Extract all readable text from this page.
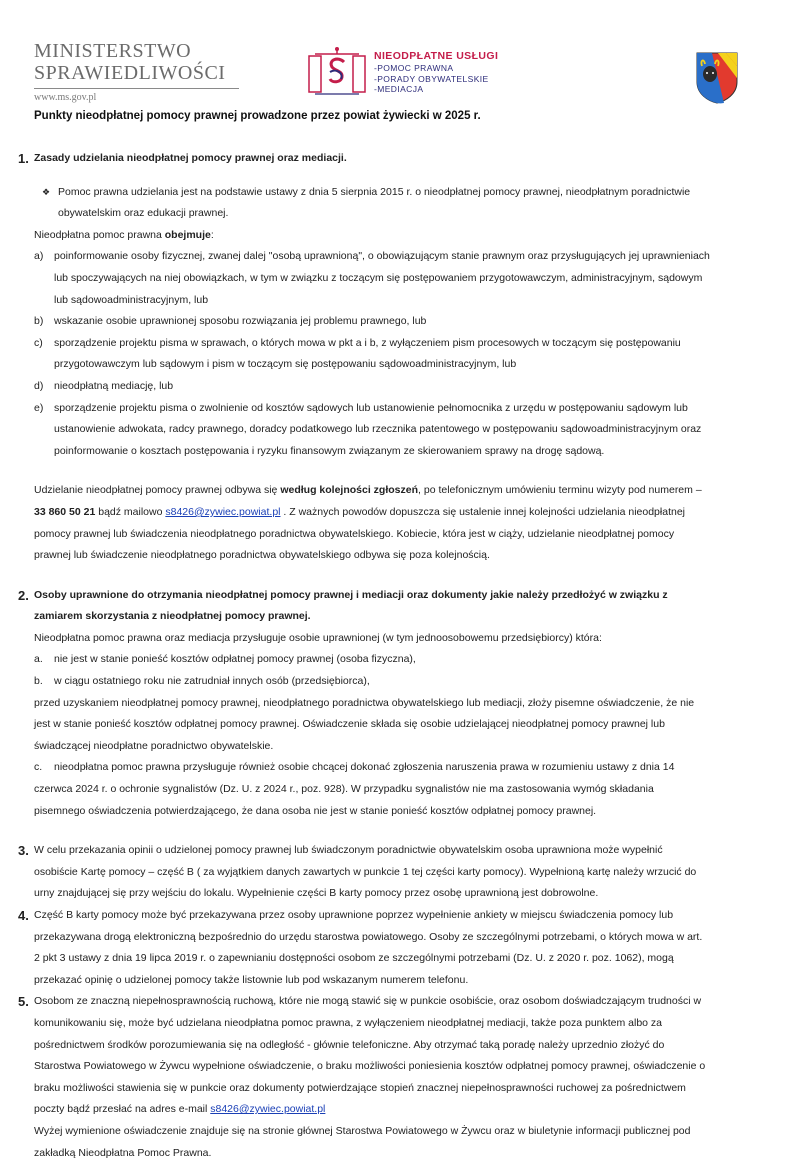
MINISTERSTWO
SPRAWIEDLIWOŚCI
www.ms.gov.pl
NIEODPŁATNE USŁUGI
-POMOC PRAWNA
-PORADY OBYWATELSKIE
-MEDIACJA
Punkty nieodpłatnej pomocy prawnej prowadzone przez powiat żywiecki w 2025 r.
1. Zasady udzielania nieodpłatnej pomocy prawnej oraz mediacji.
❖ Pomoc prawna udzielania jest na podstawie ustawy z dnia 5 sierpnia 2015 r. o nieodpłatnej pomocy prawnej, nieodpłatnym poradnictwie
obywatelskim oraz edukacji prawnej.
Nieodpłatna pomoc prawna obejmuje:
a)	poinformowanie osoby fizycznej, zwanej dalej "osobą uprawnioną", o obowiązującym stanie prawnym oraz przysługujących jej uprawnieniach
lub spoczywających na niej obowiązkach, w tym w związku z toczącym się postępowaniem przygotowawczym, administracyjnym, sądowym
lub sądowoadministracyjnym, lub
b)	wskazanie osobie uprawnionej sposobu rozwiązania jej problemu prawnego, lub
c)	sporządzenie projektu pisma w sprawach, o których mowa w pkt a i b, z wyłączeniem pism procesowych w toczącym się postępowaniu
przygotowawczym lub sądowym i pism w toczącym się postępowaniu sądowoadministracyjnym, lub
d)	nieodpłatną mediację, lub
e)	sporządzenie projektu pisma o zwolnienie od kosztów sądowych lub ustanowienie pełnomocnika z urzędu w postępowaniu sądowym lub
ustanowienie adwokata, radcy prawnego, doradcy podatkowego lub rzecznika patentowego w postępowaniu sądowoadministracyjnym oraz
poinformowanie o kosztach postępowania i ryzyku finansowym związanym ze skierowaniem sprawy na drogę sądową.
Udzielanie nieodpłatnej pomocy prawnej odbywa się według kolejności zgłoszeń, po telefonicznym umówieniu terminu wizyty pod numerem –
33 860 50 21 bądź mailowo s8426@zywiec.powiat.pl . Z ważnych powodów dopuszcza się ustalenie innej kolejności udzielania nieodpłatnej
pomocy prawnej lub świadczenia nieodpłatnego poradnictwa obywatelskiego. Kobiecie, która jest w ciąży, udzielanie nieodpłatnej pomocy
prawnej lub świadczenie nieodpłatnego poradnictwa obywatelskiego odbywa się poza kolejnością.
2. Osoby uprawnione do otrzymania nieodpłatnej pomocy prawnej i mediacji oraz dokumenty jakie należy przedłożyć w związku z
zamiarem skorzystania z nieodpłatnej pomocy prawnej.
Nieodpłatna pomoc prawna oraz mediacja przysługuje osobie uprawnionej (w tym jednoosobowemu przedsiębiorcy) która:
a.	nie jest w stanie ponieść kosztów odpłatnej pomocy prawnej (osoba fizyczna),
b.	w ciągu ostatniego roku nie zatrudniał innych osób (przedsiębiorca),
przed uzyskaniem nieodpłatnej pomocy prawnej, nieodpłatnego poradnictwa obywatelskiego lub mediacji, złoży pisemne oświadczenie, że nie
jest w stanie ponieść kosztów odpłatnej pomocy prawnej. Oświadczenie składa się osobie udzielającej nieodpłatnej pomocy prawnej lub
świadczącej nieodpłatne poradnictwo obywatelskie.
c.	nieodpłatna pomoc prawna przysługuje również osobie chcącej dokonać zgłoszenia naruszenia prawa w rozumieniu ustawy z dnia 14
czerwca 2024 r. o ochronie sygnalistów (Dz. U. z 2024 r., poz. 928). W przypadku sygnalistów nie ma zastosowania wymóg składania
pisemnego oświadczenia potwierdzającego, że dana osoba nie jest w stanie ponieść kosztów odpłatnej pomocy prawnej.
3. W celu przekazania opinii o udzielonej pomocy prawnej lub świadczonym poradnictwie obywatelskim osoba uprawniona może wypełnić
osobiście Kartę pomocy – część B ( za wyjątkiem danych zawartych w punkcie 1 tej części karty pomocy). Wypełnioną kartę należy wrzucić do
urny znajdującej się przy wejściu do lokalu. Wypełnienie części B karty pomocy przez osobę uprawnioną jest dobrowolne.
4. Część B karty pomocy może być przekazywana przez osoby uprawnione poprzez wypełnienie ankiety w miejscu świadczenia pomocy lub
przekazywana drogą elektroniczną bezpośrednio do urzędu starostwa powiatowego. Osoby ze szczególnymi potrzebami, o których mowa w art.
2 pkt 3 ustawy z dnia 19 lipca 2019 r. o zapewnianiu dostępności osobom ze szczególnymi potrzebami (Dz. U. z 2020 r. poz. 1062), mogą
przekazać opinię o udzielonej pomocy także listownie lub pod wskazanym numerem telefonu.
5. Osobom ze znaczną niepełnosprawnością ruchową, które nie mogą stawić się w punkcie osobiście, oraz osobom doświadczającym trudności w
komunikowaniu się, może być udzielana nieodpłatna pomoc prawna, z wyłączeniem nieodpłatnej mediacji, także poza punktem albo za
pośrednictwem środków porozumiewania się na odległość - głównie telefoniczne. Aby otrzymać taką poradę należy uprzednio złożyć do
Starostwa Powiatowego w Żywcu wypełnione oświadczenie, o braku możliwości poniesienia kosztów odpłatnej pomocy prawnej, oświadczenie o
braku możliwości stawienia się w punkcie oraz dokumenty potwierdzające stopień znacznej niepełnosprawności ruchowej za pośrednictwem
poczty bądź przesłać na adres e-mail s8426@zywiec.powiat.pl
Wyżej wymienione oświadczenie znajduje się na stronie głównej Starostwa Powiatowego w Żywcu oraz w biuletynie informacji publicznej pod
zakładką Nieodpłatna Pomoc Prawna.
